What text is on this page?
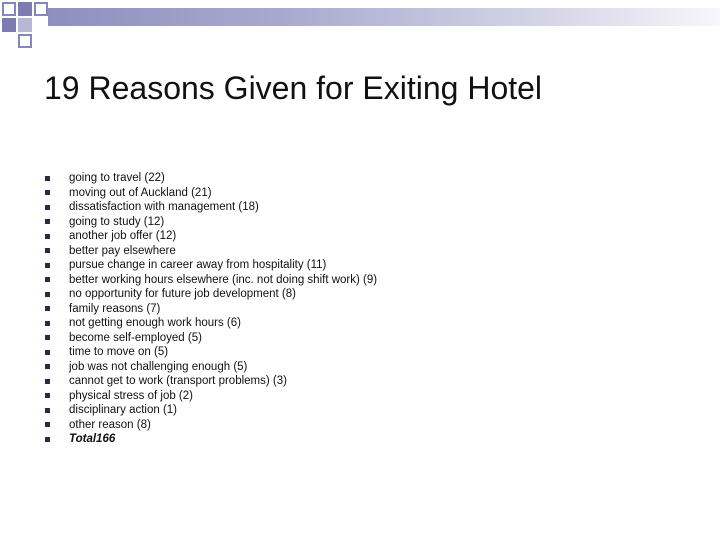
19 Reasons Given for Exiting Hotel
going to travel (22)
moving out of Auckland (21)
dissatisfaction with management (18)
going to study (12)
another job offer (12)
better pay elsewhere
pursue change in career away from hospitality (11)
better working hours elsewhere (inc. not doing shift work) (9)
no opportunity for future job development (8)
family reasons (7)
not getting enough work hours (6)
become self-employed (5)
time to move on (5)
job was not challenging enough (5)
cannot get to work (transport problems) (3)
physical stress of job (2)
disciplinary action (1)
other reason (8)
Total166
